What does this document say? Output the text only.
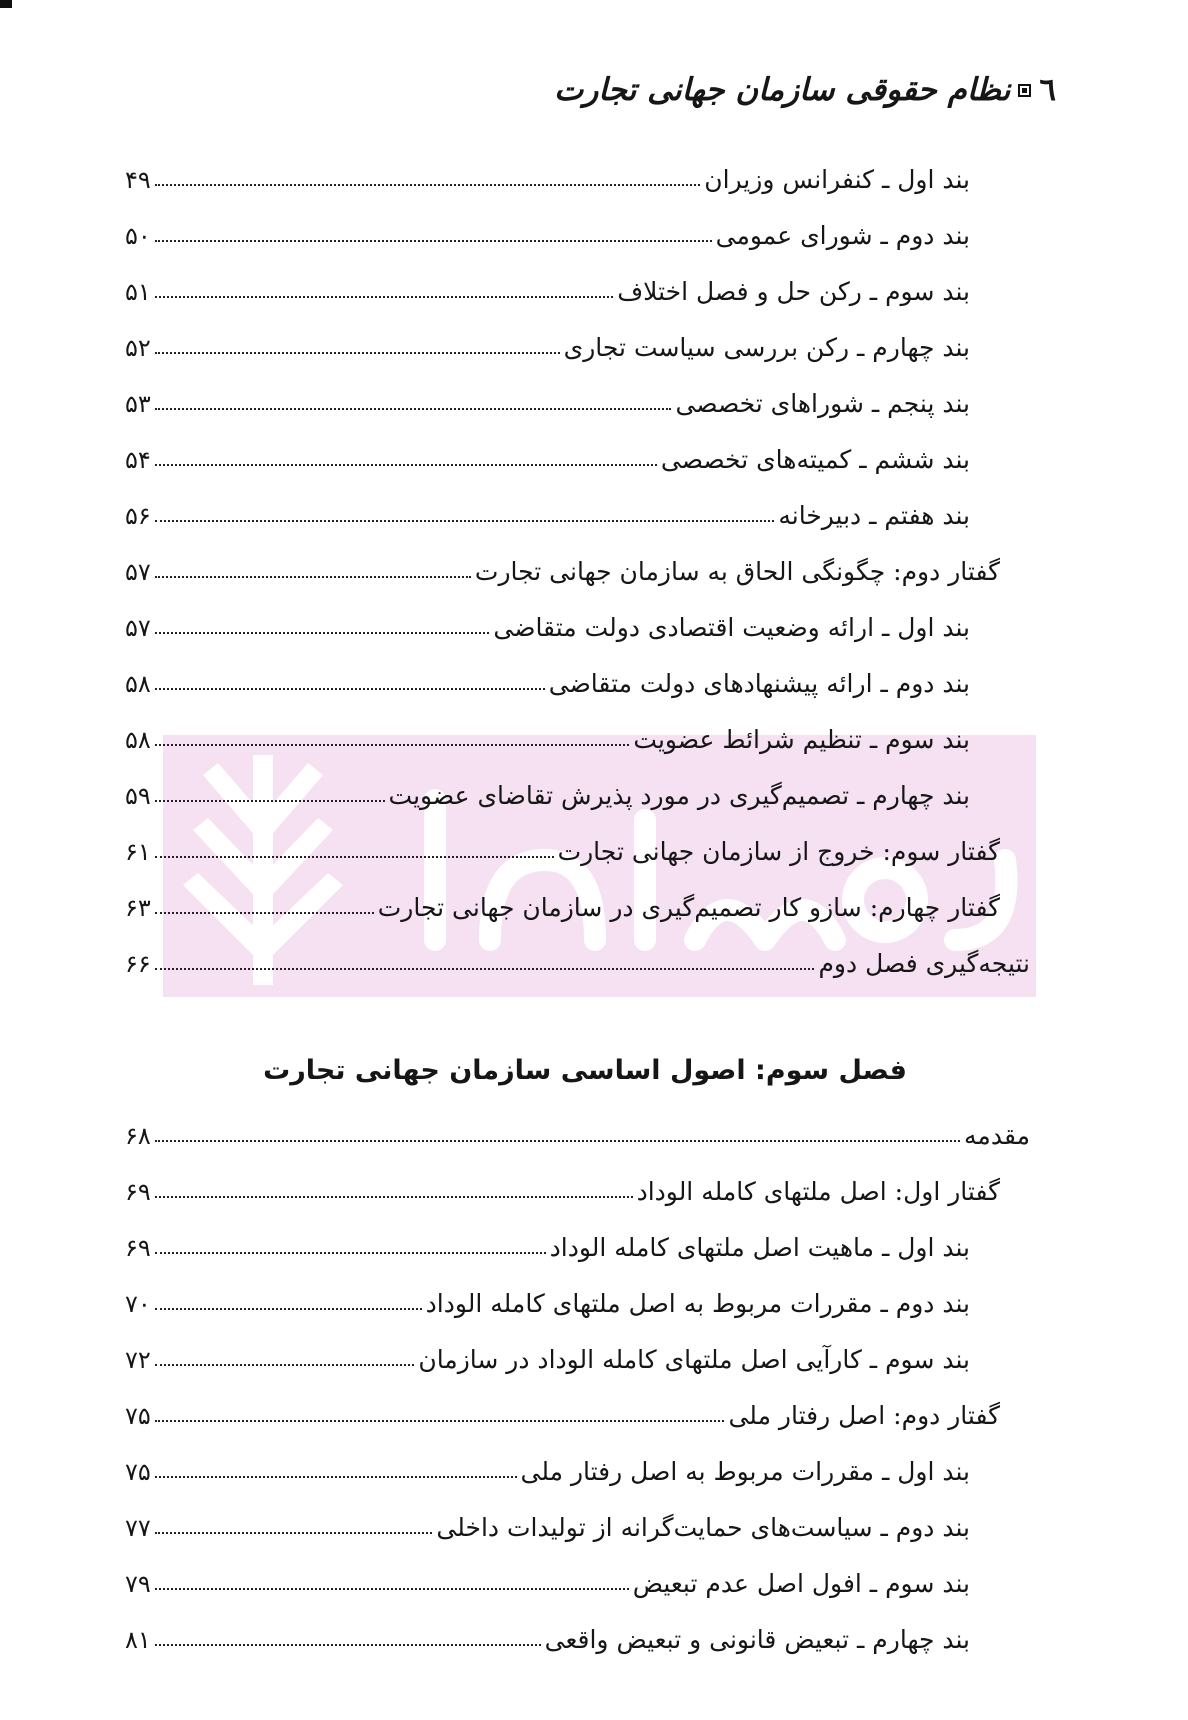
٦
نظام حقوقی سازمان جهانی تجارت
بند اول ـ کنفرانس وزیران
۴۹
بند دوم ـ شورای عمومی
۵۰
بند سوم ـ رکن حل و فصل اختلاف
۵۱
بند چهارم ـ رکن بررسی سیاست تجاری
۵۲
بند پنجم ـ شوراهای تخصصی
۵۳
بند ششم ـ کمیته‌های تخصصی
۵۴
بند هفتم ـ دبیرخانه
۵۶
گفتار دوم: چگونگی الحاق به سازمان جهانی تجارت
۵۷
بند اول ـ ارائه وضعیت اقتصادی دولت متقاضی
۵۷
بند دوم ـ ارائه پیشنهادهای دولت متقاضی
۵۸
بند سوم ـ تنظیم شرائط عضویت
۵۸
بند چهارم ـ تصمیم‌گیری در مورد پذیرش تقاضای عضویت
۵۹
گفتار سوم: خروج از سازمان جهانی تجارت
۶۱
گفتار چهارم: سازو کار تصمیم‌گیری در سازمان جهانی تجارت
۶۳
نتیجه‌گیری فصل دوم
۶۶
فصل سوم: اصول اساسی سازمان جهانی تجارت
مقدمه
۶۸
گفتار اول: اصل ملتهای کامله الوداد
۶۹
بند اول ـ ماهیت اصل ملتهای کامله الوداد
۶۹
بند دوم ـ مقررات مربوط به اصل ملتهای کامله الوداد
۷۰
بند سوم ـ کارآیی اصل ملتهای کامله الوداد در سازمان
۷۲
گفتار دوم: اصل رفتار ملی
۷۵
بند اول ـ مقررات مربوط به اصل رفتار ملی
۷۵
بند دوم ـ سیاست‌های حمایت‌گرانه از تولیدات داخلی
۷۷
بند سوم ـ افول اصل عدم تبعیض
۷۹
بند چهارم ـ تبعیض قانونی و تبعیض واقعی
۸۱
